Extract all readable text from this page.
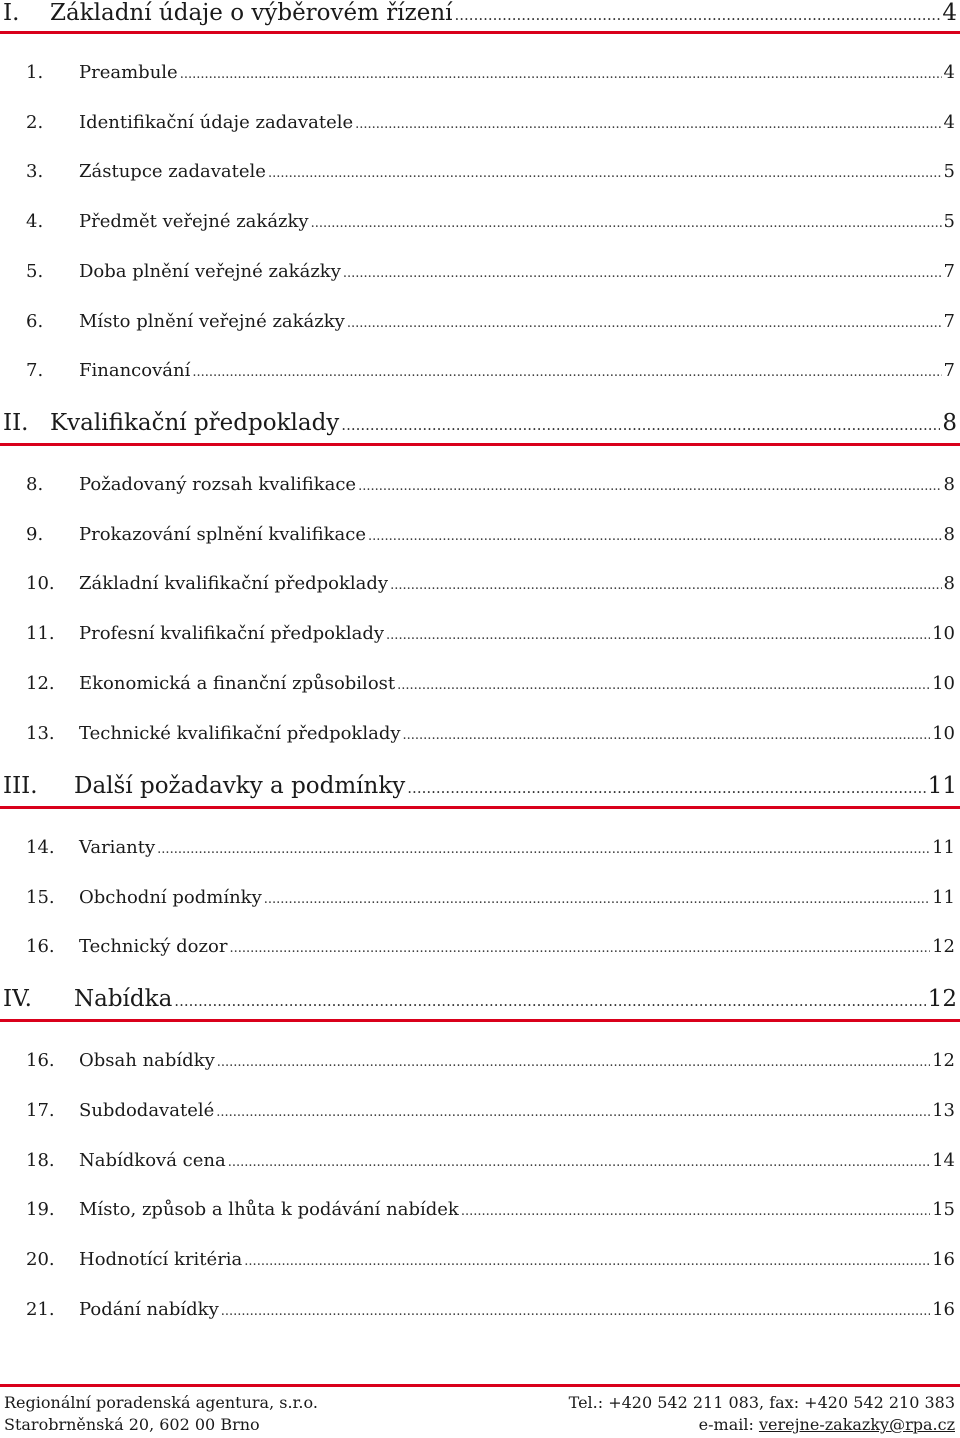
I.	Základní údaje o výběrovém řízení .....	4
1.	Preambule .....	4
2.	Identifikační údaje zadavatele .....	4
3.	Zástupce zadavatele .....	5
4.	Předmět veřejné zakázky .....	5
5.	Doba plnění veřejné zakázky .....	7
6.	Místo plnění veřejné zakázky .....	7
7.	Financování .....	7
II. Kvalifikační předpoklady .....	8
8.	Požadovaný rozsah kvalifikace .....	8
9.	Prokazování splnění kvalifikace .....	8
10.	Základní kvalifikační předpoklady .....	8
11.	Profesní kvalifikační předpoklady .....	10
12.	Ekonomická a finanční způsobilost .....	10
13.	Technické kvalifikační předpoklady .....	10
III.	Další požadavky a podmínky .....	11
14.	Varianty .....	11
15.	Obchodní podmínky .....	11
16.	Technický dozor .....	12
IV.	Nabídka .....	12
16.	Obsah nabídky .....	12
17.	Subdodavatelé .....	13
18.	Nabídková cena .....	14
19.	Místo, způsob a lhůta k podávání nabídek .....	15
20.	Hodnotící kritéria .....	16
21.	Podání nabídky .....	16
Regionální poradenská agentura, s.r.o.
Starobrněnská 20, 602 00 Brno
Tel.: +420 542 211 083, fax: +420 542 210 383
e-mail: verejne-zakazky@rpa.cz
